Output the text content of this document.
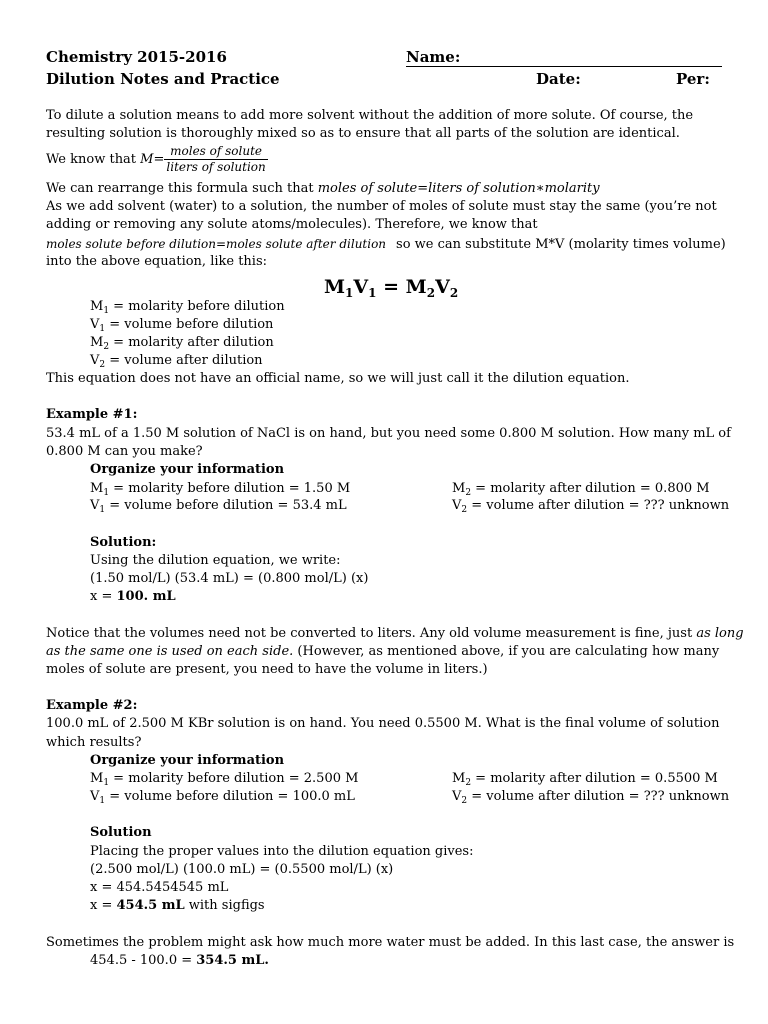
Chemistry 2015-2016	Name:
Dilution Notes and Practice	Date:	Per:
To dilute a solution means to add more solvent without the addition of more solute. Of course, the
resulting solution is thoroughly mixed so as to ensure that all parts of the solution are identical.
We know that $M= \frac{\text{moles of solute}}{\text{liters of solution}}$
We can rearrange this formula such that moles of solute=liters of solution∗molarity
As we add solvent (water) to a solution, the number of moles of solute must stay the same (you’re not
adding or removing any solute atoms/molecules). Therefore, we know that
moles solute before dilution=moles solute after dilution so we can substitute M*V (molarity times volume)
into the above equation, like this:
$M_1V_1 = M_2V_2$
$M_1$ = molarity before dilution
$V_1$ = volume before dilution
$M_2$ = molarity after dilution
$V_2$ = volume after dilution
This equation does not have an official name, so we will just call it the dilution equation.
Example #1:
53.4 mL of a 1.50 M solution of NaCl is on hand, but you need some 0.800 M solution. How many mL of
0.800 M can you make?
Organize your information
$M_1$ = molarity before dilution = 1.50 M	$M_2$ = molarity after dilution = 0.800 M
$V_1$ = volume before dilution = 53.4 mL	$V_2$ = volume after dilution = ??? unknown
Solution:
Using the dilution equation, we write:
(1.50 mol/L) (53.4 mL) = (0.800 mol/L) (x)
x = 100. mL
Notice that the volumes need not be converted to liters. Any old volume measurement is fine, just as long
as the same one is used on each side. (However, as mentioned above, if you are calculating how many
moles of solute are present, you need to have the volume in liters.)
Example #2:
100.0 mL of 2.500 M KBr solution is on hand. You need 0.5500 M. What is the final volume of solution
which results?
Organize your information
$M_1$ = molarity before dilution = 2.500 M	$M_2$ = molarity after dilution = 0.5500 M
$V_1$ = volume before dilution = 100.0 mL	$V_2$ = volume after dilution = ??? unknown
Solution
Placing the proper values into the dilution equation gives:
(2.500 mol/L) (100.0 mL) = (0.5500 mol/L) (x)
x = 454.5454545 mL
x = 454.5 mL with sigfigs
Sometimes the problem might ask how much more water must be added. In this last case, the answer is
454.5 - 100.0 = 354.5 mL.
